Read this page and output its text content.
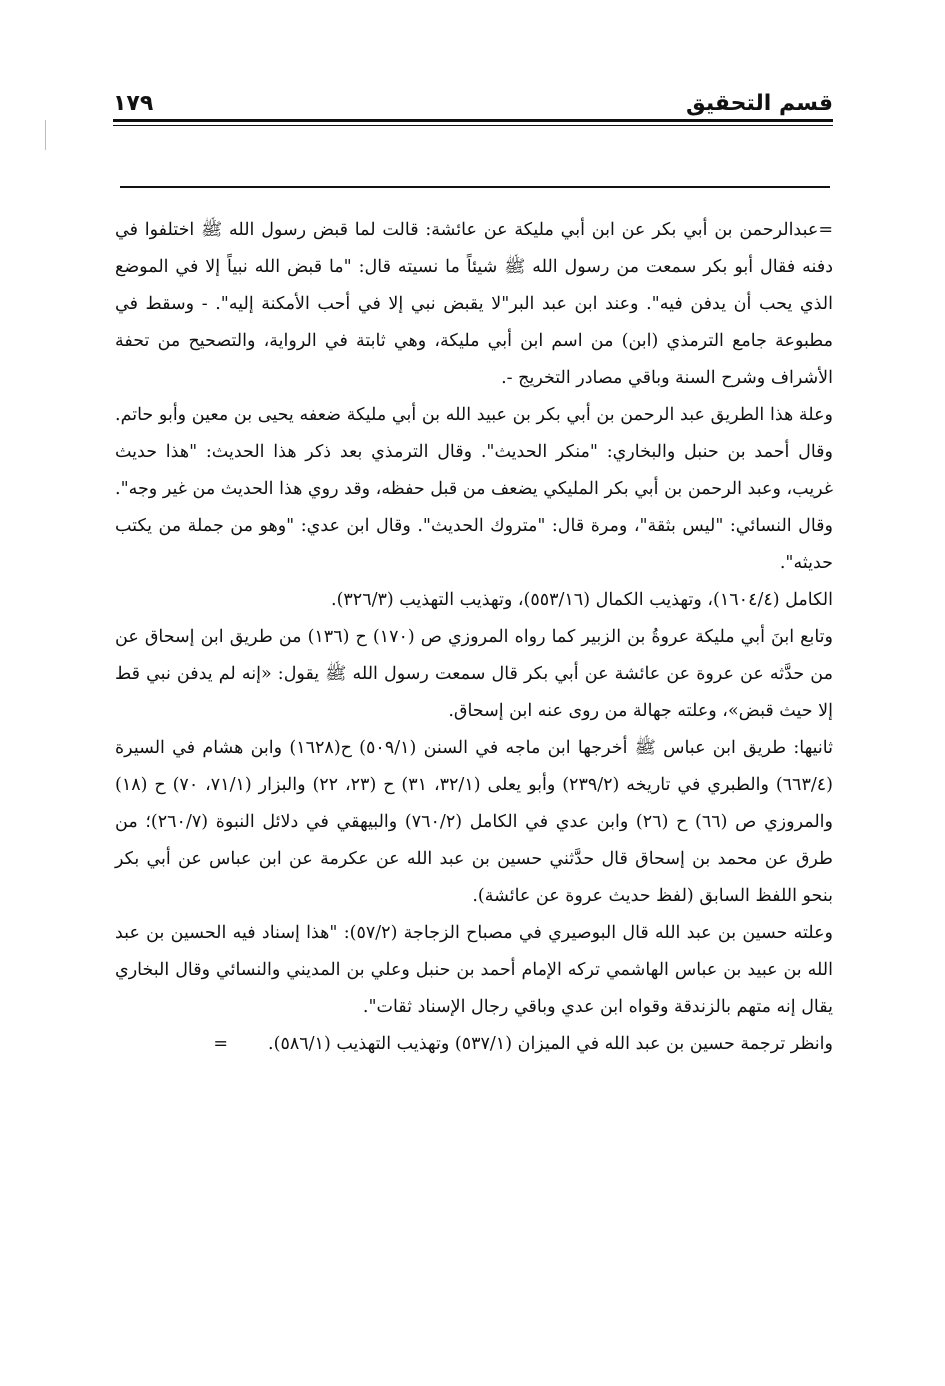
قسم التحقيق
١٧٩

=عبدالرحمن بن أبي بكر عن ابن أبي مليكة عن عائشة: قالت لما قبض رسول الله ﷺ اختلفوا في دفنه فقال أبو بكر سمعت من رسول الله ﷺ شيئاً ما نسيته قال: "ما قبض الله نبياً إلا في الموضع الذي يحب أن يدفن فيه". وعند ابن عبد البر"لا يقبض نبي إلا في أحب الأمكنة إليه". - وسقط في مطبوعة جامع الترمذي (ابن) من اسم ابن أبي مليكة، وهي ثابتة في الرواية، والتصحيح من تحفة الأشراف وشرح السنة وباقي مصادر التخريج -.

وعلة هذا الطريق عبد الرحمن بن أبي بكر بن عبيد الله بن أبي مليكة ضعفه يحيى بن معين وأبو حاتم. وقال أحمد بن حنبل والبخاري: "منكر الحديث". وقال الترمذي بعد ذكر هذا الحديث: "هذا حديث غريب، وعبد الرحمن بن أبي بكر المليكي يضعف من قبل حفظه، وقد روي هذا الحديث من غير وجه". وقال النسائي: "ليس بثقة"، ومرة قال: "متروك الحديث". وقال ابن عدي: "وهو من جملة من يكتب حديثه".

الكامل (١٦٠٤/٤)، وتهذيب الكمال (٥٥٣/١٦)، وتهذيب التهذيب (٣٢٦/٣).

وتابع ابنَ أبي مليكة عروةُ بن الزبير كما رواه المروزي ص (١٧٠) ح (١٣٦) من طريق ابن إسحاق عن من حدَّثه عن عروة عن عائشة عن أبي بكر قال سمعت رسول الله ﷺ يقول: «إنه لم يدفن نبي قط إلا حيث قبض»، وعلته جهالة من روى عنه ابن إسحاق.

ثانيها: طريق ابن عباس ﷺ أخرجها ابن ماجه في السنن (٥٠٩/١) ح(١٦٢٨) وابن هشام في السيرة (٦٦٣/٤) والطبري في تاريخه (٢٣٩/٢) وأبو يعلى (٣٢/١، ٣١) ح (٢٣، ٢٢) والبزار (٧١/١، ٧٠) ح (١٨) والمروزي ص (٦٦) ح (٢٦) وابن عدي في الكامل (٧٦٠/٢) والبيهقي في دلائل النبوة (٢٦٠/٧)؛ من طرق عن محمد بن إسحاق قال حدَّثني حسين بن عبد الله عن عكرمة عن ابن عباس عن أبي بكر بنحو اللفظ السابق (لفظ حديث عروة عن عائشة).

وعلته حسين بن عبد الله قال البوصيري في مصباح الزجاجة (٥٧/٢): "هذا إسناد فيه الحسين بن عبد الله بن عبيد بن عباس الهاشمي تركه الإمام أحمد بن حنبل وعلي بن المديني والنسائي وقال البخاري يقال إنه متهم بالزندقة وقواه ابن عدي وباقي رجال الإسناد ثقات".

وانظر ترجمة حسين بن عبد الله في الميزان (٥٣٧/١) وتهذيب التهذيب (٥٨٦/١).=
